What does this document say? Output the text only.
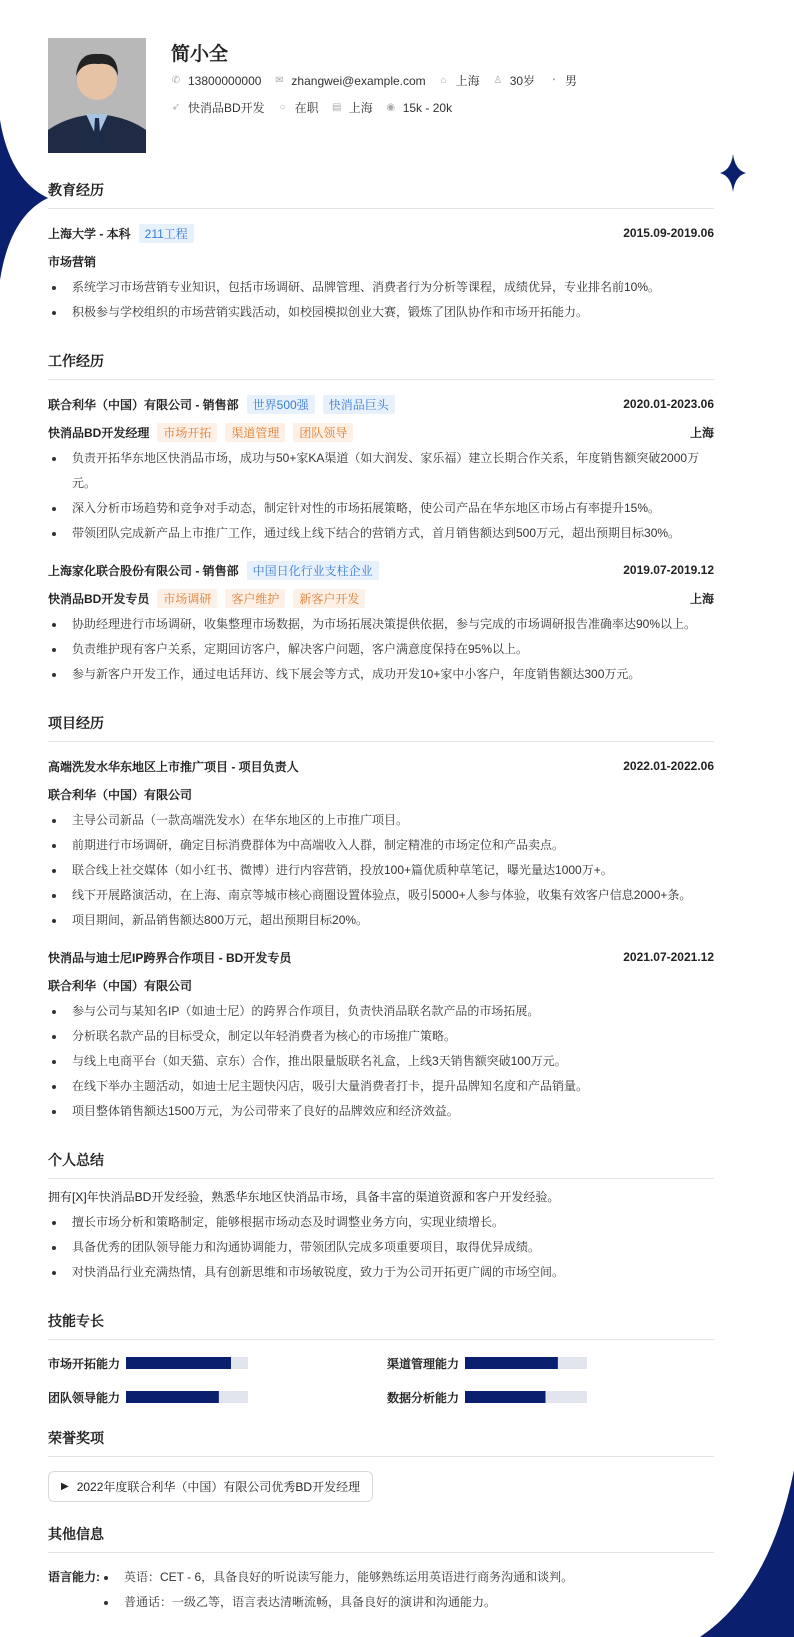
简小全
✆ 13800000000 ✉ zhangwei@example.com ⌂ 上海 ♙ 30岁 ◔ 男
➶ 快消品BD开发 ○ 在职 ▤ 上海 ◉ 15k - 20k
教育经历
上海大学 - 本科	211工程	2015.09-2019.06
市场营销
系统学习市场营销专业知识，包括市场调研、品牌管理、消费者行为分析等课程，成绩优异，专业排名前10%。
积极参与学校组织的市场营销实践活动，如校园模拟创业大赛，锻炼了团队协作和市场开拓能力。
工作经历
联合利华（中国）有限公司 - 销售部	世界500强	快消品巨头	2020.01-2023.06
快消品BD开发经理	市场开拓	渠道管理	团队领导	上海
负责开拓华东地区快消品市场，成功与50+家KA渠道（如大润发、家乐福）建立长期合作关系，年度销售额突破2000万元。
深入分析市场趋势和竞争对手动态，制定针对性的市场拓展策略，使公司产品在华东地区市场占有率提升15%。
带领团队完成新产品上市推广工作，通过线上线下结合的营销方式，首月销售额达到500万元，超出预期目标30%。
上海家化联合股份有限公司 - 销售部	中国日化行业支柱企业	2019.07-2019.12
快消品BD开发专员	市场调研	客户维护	新客户开发	上海
协助经理进行市场调研，收集整理市场数据，为市场拓展决策提供依据，参与完成的市场调研报告准确率达90%以上。
负责维护现有客户关系，定期回访客户，解决客户问题，客户满意度保持在95%以上。
参与新客户开发工作，通过电话拜访、线下展会等方式，成功开发10+家中小客户，年度销售额达300万元。
项目经历
高端洗发水华东地区上市推广项目 - 项目负责人	2022.01-2022.06
联合利华（中国）有限公司
主导公司新品（一款高端洗发水）在华东地区的上市推广项目。
前期进行市场调研，确定目标消费群体为中高端收入人群，制定精准的市场定位和产品卖点。
联合线上社交媒体（如小红书、微博）进行内容营销，投放100+篇优质种草笔记，曝光量达1000万+。
线下开展路演活动，在上海、南京等城市核心商圈设置体验点，吸引5000+人参与体验，收集有效客户信息2000+条。
项目期间，新品销售额达800万元，超出预期目标20%。
快消品与迪士尼IP跨界合作项目 - BD开发专员	2021.07-2021.12
联合利华（中国）有限公司
参与公司与某知名IP（如迪士尼）的跨界合作项目，负责快消品联名款产品的市场拓展。
分析联名款产品的目标受众，制定以年轻消费者为核心的市场推广策略。
与线上电商平台（如天猫、京东）合作，推出限量版联名礼盒，上线3天销售额突破100万元。
在线下举办主题活动，如迪士尼主题快闪店，吸引大量消费者打卡，提升品牌知名度和产品销量。
项目整体销售额达1500万元，为公司带来了良好的品牌效应和经济效益。
个人总结
拥有[X]年快消品BD开发经验，熟悉华东地区快消品市场，具备丰富的渠道资源和客户开发经验。
擅长市场分析和策略制定，能够根据市场动态及时调整业务方向，实现业绩增长。
具备优秀的团队领导能力和沟通协调能力，带领团队完成多项重要项目，取得优异成绩。
对快消品行业充满热情，具有创新思维和市场敏锐度，致力于为公司开拓更广阔的市场空间。
技能专长
市场开拓能力	渠道管理能力
团队领导能力	数据分析能力
荣誉奖项
▶ 2022年度联合利华（中国）有限公司优秀BD开发经理
其他信息
语言能力:	英语：CET - 6，具备良好的听说读写能力，能够熟练运用英语进行商务沟通和谈判。
普通话：一级乙等，语言表达清晰流畅，具备良好的演讲和沟通能力。
